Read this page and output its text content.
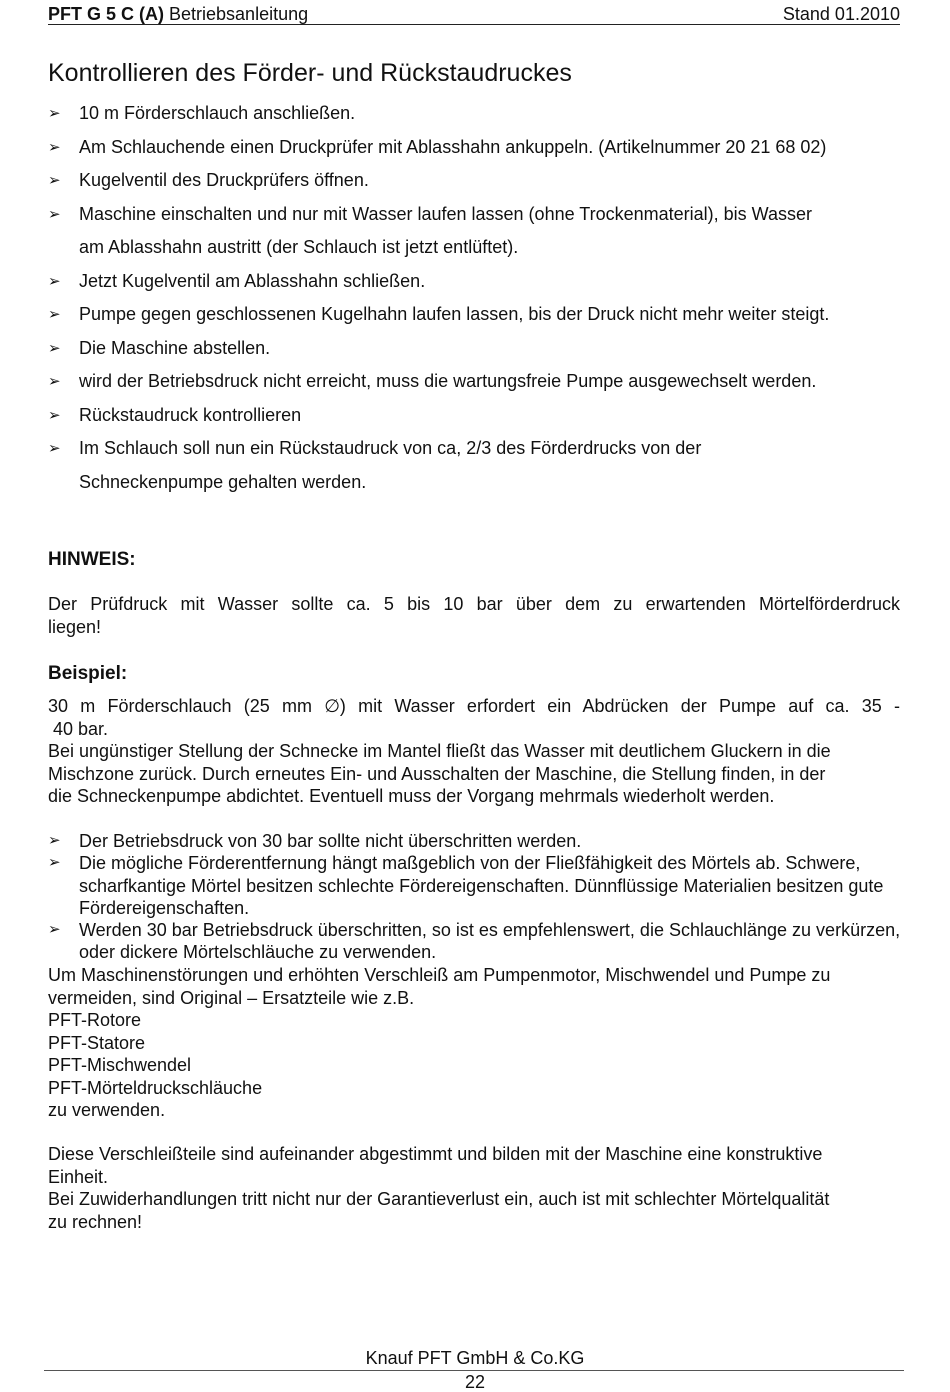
PFT G 5 C (A) Betriebsanleitung	Stand 01.2010
Kontrollieren des Förder- und Rückstaudruckes
➢ 10 m Förderschlauch anschließen.
➢ Am Schlauchende einen Druckprüfer mit Ablasshahn ankuppeln. (Artikelnummer 20 21 68 02)
➢ Kugelventil des Druckprüfers öffnen.
➢ Maschine einschalten und nur mit Wasser laufen lassen (ohne Trockenmaterial), bis Wasser
am Ablasshahn austritt (der Schlauch ist jetzt entlüftet).
➢ Jetzt Kugelventil am Ablasshahn schließen.
➢ Pumpe gegen geschlossenen Kugelhahn laufen lassen, bis der Druck nicht mehr weiter steigt.
➢ Die Maschine abstellen.
➢ wird der Betriebsdruck nicht erreicht, muss die wartungsfreie Pumpe ausgewechselt werden.
➢ Rückstaudruck kontrollieren
➢ Im Schlauch soll nun ein Rückstaudruck von ca, 2/3 des Förderdrucks von der
Schneckenpumpe gehalten werden.
HINWEIS:
Der Prüfdruck mit Wasser sollte ca. 5 bis 10 bar über dem zu erwartenden Mörtelförderdruck
liegen!
Beispiel:
30 m Förderschlauch (25 mm ∅) mit Wasser erfordert ein Abdrücken der Pumpe auf ca. 35 -
40 bar.
Bei ungünstiger Stellung der Schnecke im Mantel fließt das Wasser mit deutlichem Gluckern in die
Mischzone zurück. Durch erneutes Ein- und Ausschalten der Maschine, die Stellung finden, in der
die Schneckenpumpe abdichtet. Eventuell muss der Vorgang mehrmals wiederholt werden.
➢ Der Betriebsdruck von 30 bar sollte nicht überschritten werden.
➢ Die mögliche Förderentfernung hängt maßgeblich von der Fließfähigkeit des Mörtels ab. Schwere, scharfkantige Mörtel besitzen schlechte Fördereigenschaften. Dünnflüssige Materialien besitzen gute Fördereigenschaften.
➢ Werden 30 bar Betriebsdruck überschritten, so ist es empfehlenswert, die Schlauchlänge zu verkürzen, oder dickere Mörtelschläuche zu verwenden.
Um Maschinenstörungen und erhöhten Verschleiß am Pumpenmotor, Mischwendel und Pumpe zu
vermeiden, sind Original – Ersatzteile wie z.B.
PFT-Rotore
PFT-Statore
PFT-Mischwendel
PFT-Mörteldruckschläuche
zu verwenden.
Diese Verschleißteile sind aufeinander abgestimmt und bilden mit der Maschine eine konstruktive
Einheit.
Bei Zuwiderhandlungen tritt nicht nur der Garantieverlust ein, auch ist mit schlechter Mörtelqualität
zu rechnen!
Knauf PFT GmbH & Co.KG
22
